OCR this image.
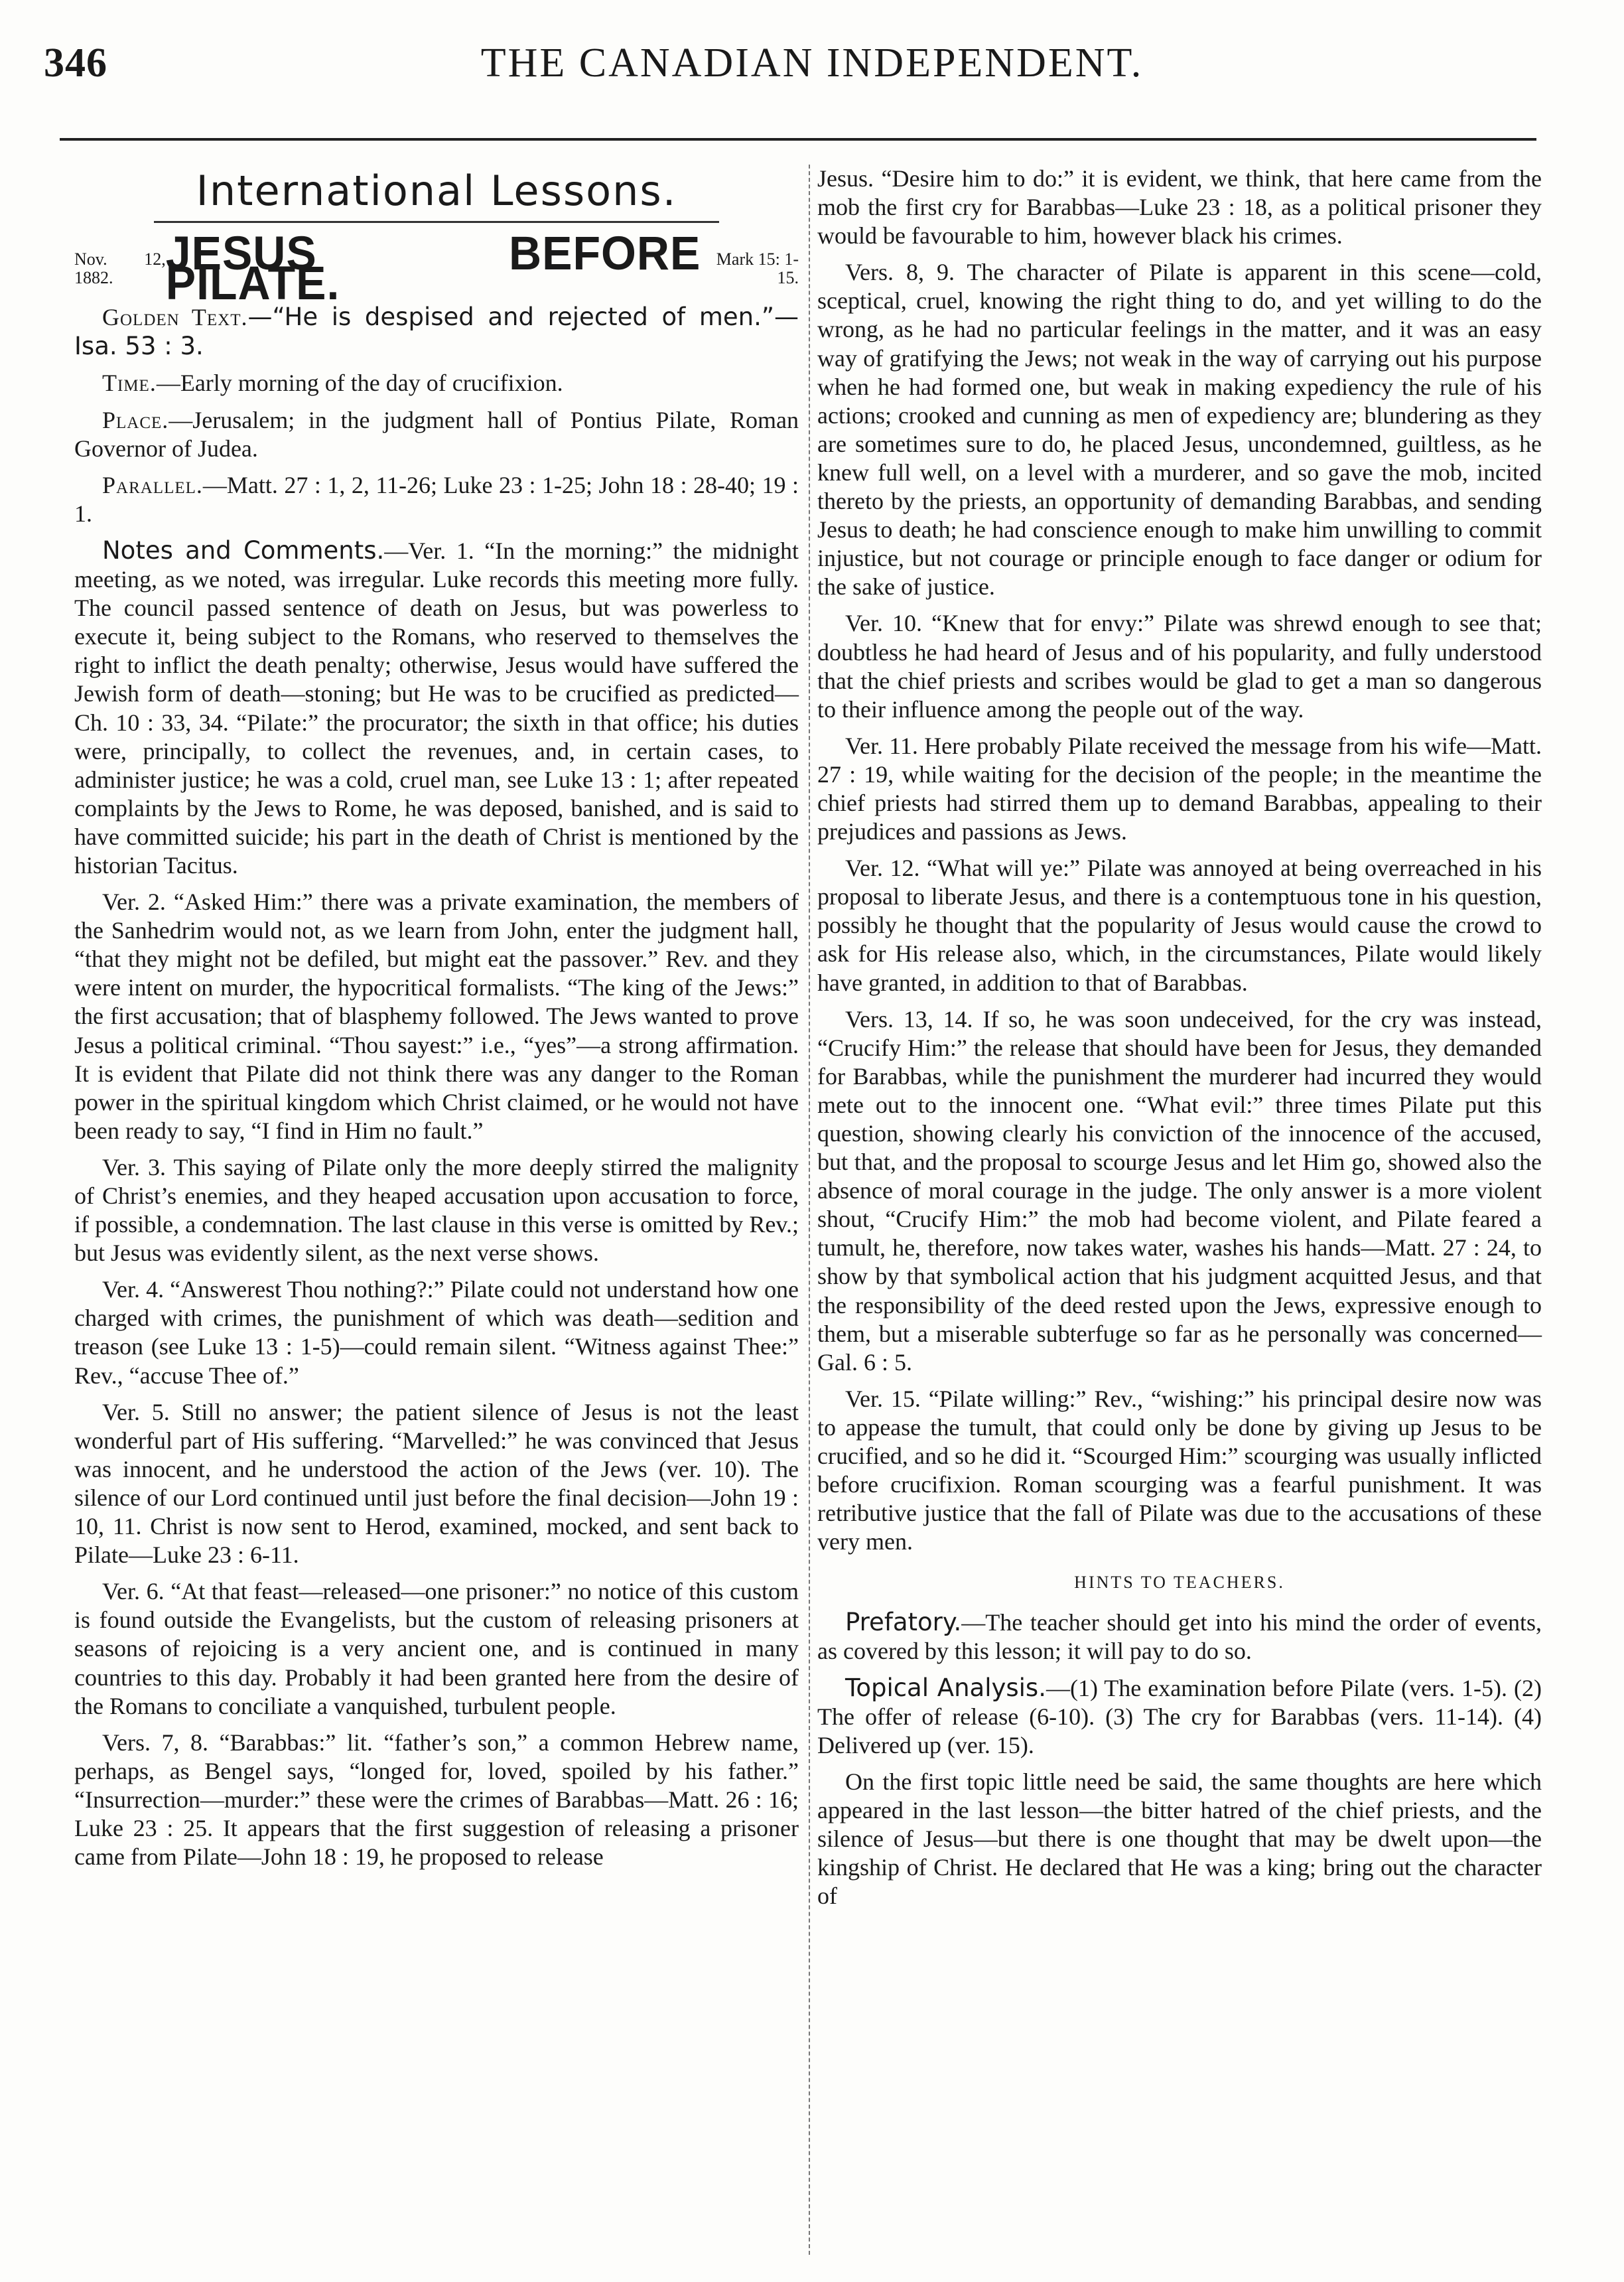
346	THE CANADIAN INDEPENDENT.
International Lessons.
Nov. 12, 1882.	JESUS BEFORE PILATE.	Mark 15: 1-15.

Golden Text.—“He is despised and rejected of men.”—Isa. 53 : 3.

Time.—Early morning of the day of crucifixion.

Place.—Jerusalem; in the judgment hall of Pontius Pilate, Roman Governor of Judea.

Parallel.—Matt. 27 : 1, 2, 11-26; Luke 23 : 1-25; John 18 : 28-40; 19 : 1.

Notes and Comments.—Ver. 1. “In the morning:” the midnight meeting, as we noted, was irregular. Luke records this meeting more fully. The council passed sentence of death on Jesus, but was powerless to execute it, being subject to the Romans, who reserved to themselves the right to inflict the death penalty; otherwise, Jesus would have suffered the Jewish form of death—stoning; but He was to be crucified as predicted—Ch. 10 : 33, 34. “Pilate:” the procurator; the sixth in that office; his duties were, principally, to collect the revenues, and, in certain cases, to administer justice; he was a cold, cruel man, see Luke 13 : 1; after repeated complaints by the Jews to Rome, he was deposed, banished, and is said to have committed suicide; his part in the death of Christ is mentioned by the historian Tacitus.

Ver. 2. “Asked Him:” there was a private examination, the members of the Sanhedrim would not, as we learn from John, enter the judgment hall, “that they might not be defiled, but might eat the passover.” Rev. and they were intent on murder, the hypocritical formalists. “The king of the Jews:” the first accusation; that of blasphemy followed. The Jews wanted to prove Jesus a political criminal. “Thou sayest:” i.e., “yes”—a strong affirmation. It is evident that Pilate did not think there was any danger to the Roman power in the spiritual kingdom which Christ claimed, or he would not have been ready to say, “I find in Him no fault.”

Ver. 3. This saying of Pilate only the more deeply stirred the malignity of Christ’s enemies, and they heaped accusation upon accusation to force, if possible, a condemnation. The last clause in this verse is omitted by Rev.; but Jesus was evidently silent, as the next verse shows.

Ver. 4. “Answerest Thou nothing?:” Pilate could not understand how one charged with crimes, the punishment of which was death—sedition and treason (see Luke 13 : 1-5)—could remain silent. “Witness against Thee:” Rev., “accuse Thee of.”

Ver. 5. Still no answer; the patient silence of Jesus is not the least wonderful part of His suffering. “Marvelled:” he was convinced that Jesus was innocent, and he understood the action of the Jews (ver. 10). The silence of our Lord continued until just before the final decision—John 19 : 10, 11. Christ is now sent to Herod, examined, mocked, and sent back to Pilate—Luke 23 : 6-11.

Ver. 6. “At that feast—released—one prisoner:” no notice of this custom is found outside the Evangelists, but the custom of releasing prisoners at seasons of rejoicing is a very ancient one, and is continued in many countries to this day. Probably it had been granted here from the desire of the Romans to conciliate a vanquished, turbulent people.

Vers. 7, 8. “Barabbas:” lit. “father’s son,” a common Hebrew name, perhaps, as Bengel says, “longed for, loved, spoiled by his father.” “Insurrection—murder:” these were the crimes of Barabbas—Matt. 26 : 16; Luke 23 : 25. It appears that the first suggestion of releasing a prisoner came from Pilate—John 18 : 19, he proposed to release

Jesus. “Desire him to do:” it is evident, we think, that here came from the mob the first cry for Barabbas—Luke 23 : 18, as a political prisoner they would be favourable to him, however black his crimes.

Vers. 8, 9. The character of Pilate is apparent in this scene—cold, sceptical, cruel, knowing the right thing to do, and yet willing to do the wrong, as he had no particular feelings in the matter, and it was an easy way of gratifying the Jews; not weak in the way of carrying out his purpose when he had formed one, but weak in making expediency the rule of his actions; crooked and cunning as men of expediency are; blundering as they are sometimes sure to do, he placed Jesus, uncondemned, guiltless, as he knew full well, on a level with a murderer, and so gave the mob, incited thereto by the priests, an opportunity of demanding Barabbas, and sending Jesus to death; he had conscience enough to make him unwilling to commit injustice, but not courage or principle enough to face danger or odium for the sake of justice.

Ver. 10. “Knew that for envy:” Pilate was shrewd enough to see that; doubtless he had heard of Jesus and of his popularity, and fully understood that the chief priests and scribes would be glad to get a man so dangerous to their influence among the people out of the way.

Ver. 11. Here probably Pilate received the message from his wife—Matt. 27 : 19, while waiting for the decision of the people; in the meantime the chief priests had stirred them up to demand Barabbas, appealing to their prejudices and passions as Jews.

Ver. 12. “What will ye:” Pilate was annoyed at being overreached in his proposal to liberate Jesus, and there is a contemptuous tone in his question, possibly he thought that the popularity of Jesus would cause the crowd to ask for His release also, which, in the circumstances, Pilate would likely have granted, in addition to that of Barabbas.

Vers. 13, 14. If so, he was soon undeceived, for the cry was instead, “Crucify Him:” the release that should have been for Jesus, they demanded for Barabbas, while the punishment the murderer had incurred they would mete out to the innocent one. “What evil:” three times Pilate put this question, showing clearly his conviction of the innocence of the accused, but that, and the proposal to scourge Jesus and let Him go, showed also the absence of moral courage in the judge. The only answer is a more violent shout, “Crucify Him:” the mob had become violent, and Pilate feared a tumult, he, therefore, now takes water, washes his hands—Matt. 27 : 24, to show by that symbolical action that his judgment acquitted Jesus, and that the responsibility of the deed rested upon the Jews, expressive enough to them, but a miserable subterfuge so far as he personally was concerned—Gal. 6 : 5.

Ver. 15. “Pilate willing:” Rev., “wishing:” his principal desire now was to appease the tumult, that could only be done by giving up Jesus to be crucified, and so he did it. “Scourged Him:” scourging was usually inflicted before crucifixion. Roman scourging was a fearful punishment. It was retributive justice that the fall of Pilate was due to the accusations of these very men.

HINTS TO TEACHERS.

Prefatory.—The teacher should get into his mind the order of events, as covered by this lesson; it will pay to do so.

Topical Analysis.—(1) The examination before Pilate (vers. 1-5). (2) The offer of release (6-10). (3) The cry for Barabbas (vers. 11-14). (4) Delivered up (ver. 15).

On the first topic little need be said, the same thoughts are here which appeared in the last lesson—the bitter hatred of the chief priests, and the silence of Jesus—but there is one thought that may be dwelt upon—the kingship of Christ. He declared that He was a king; bring out the character of
